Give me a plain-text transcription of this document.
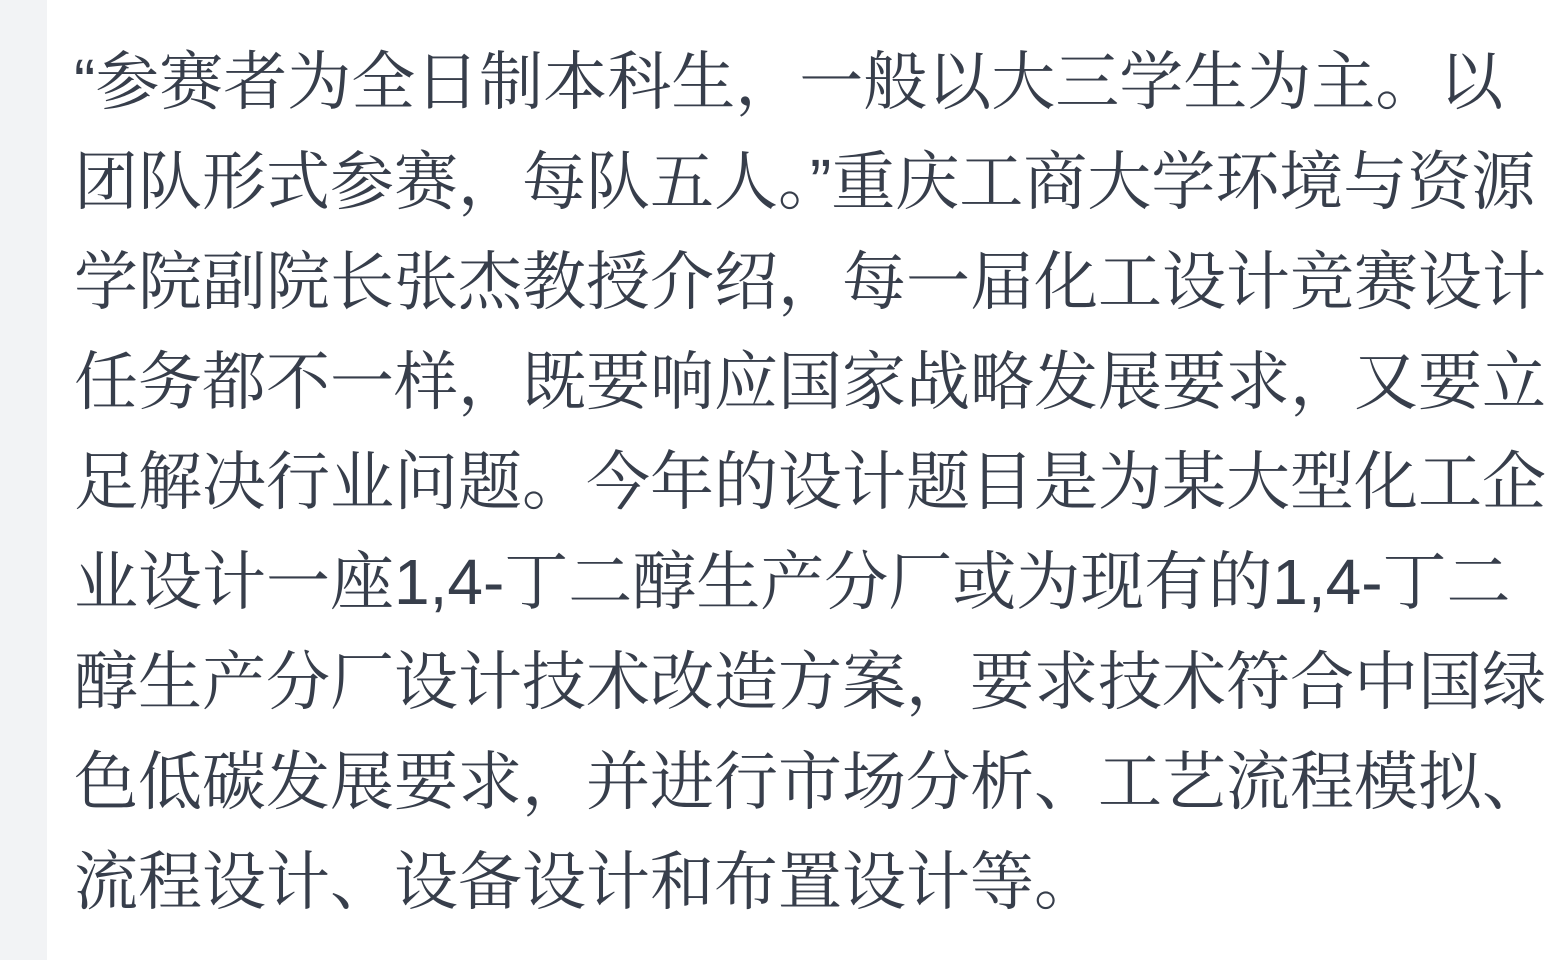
“参赛者为全日制本科生，一般以大三学生为主。以团队形式参赛，每队五人。”重庆工商大学环境与资源学院副院长张杰教授介绍，每一届化工设计竞赛设计任务都不一样，既要响应国家战略发展要求，又要立足解决行业问题。今年的设计题目是为某大型化工企业设计一座1,4-丁二醇生产分厂或为现有的1,4-丁二醇生产分厂设计技术改造方案，要求技术符合中国绿色低碳发展要求，并进行市场分析、工艺流程模拟、流程设计、设备设计和布置设计等。
